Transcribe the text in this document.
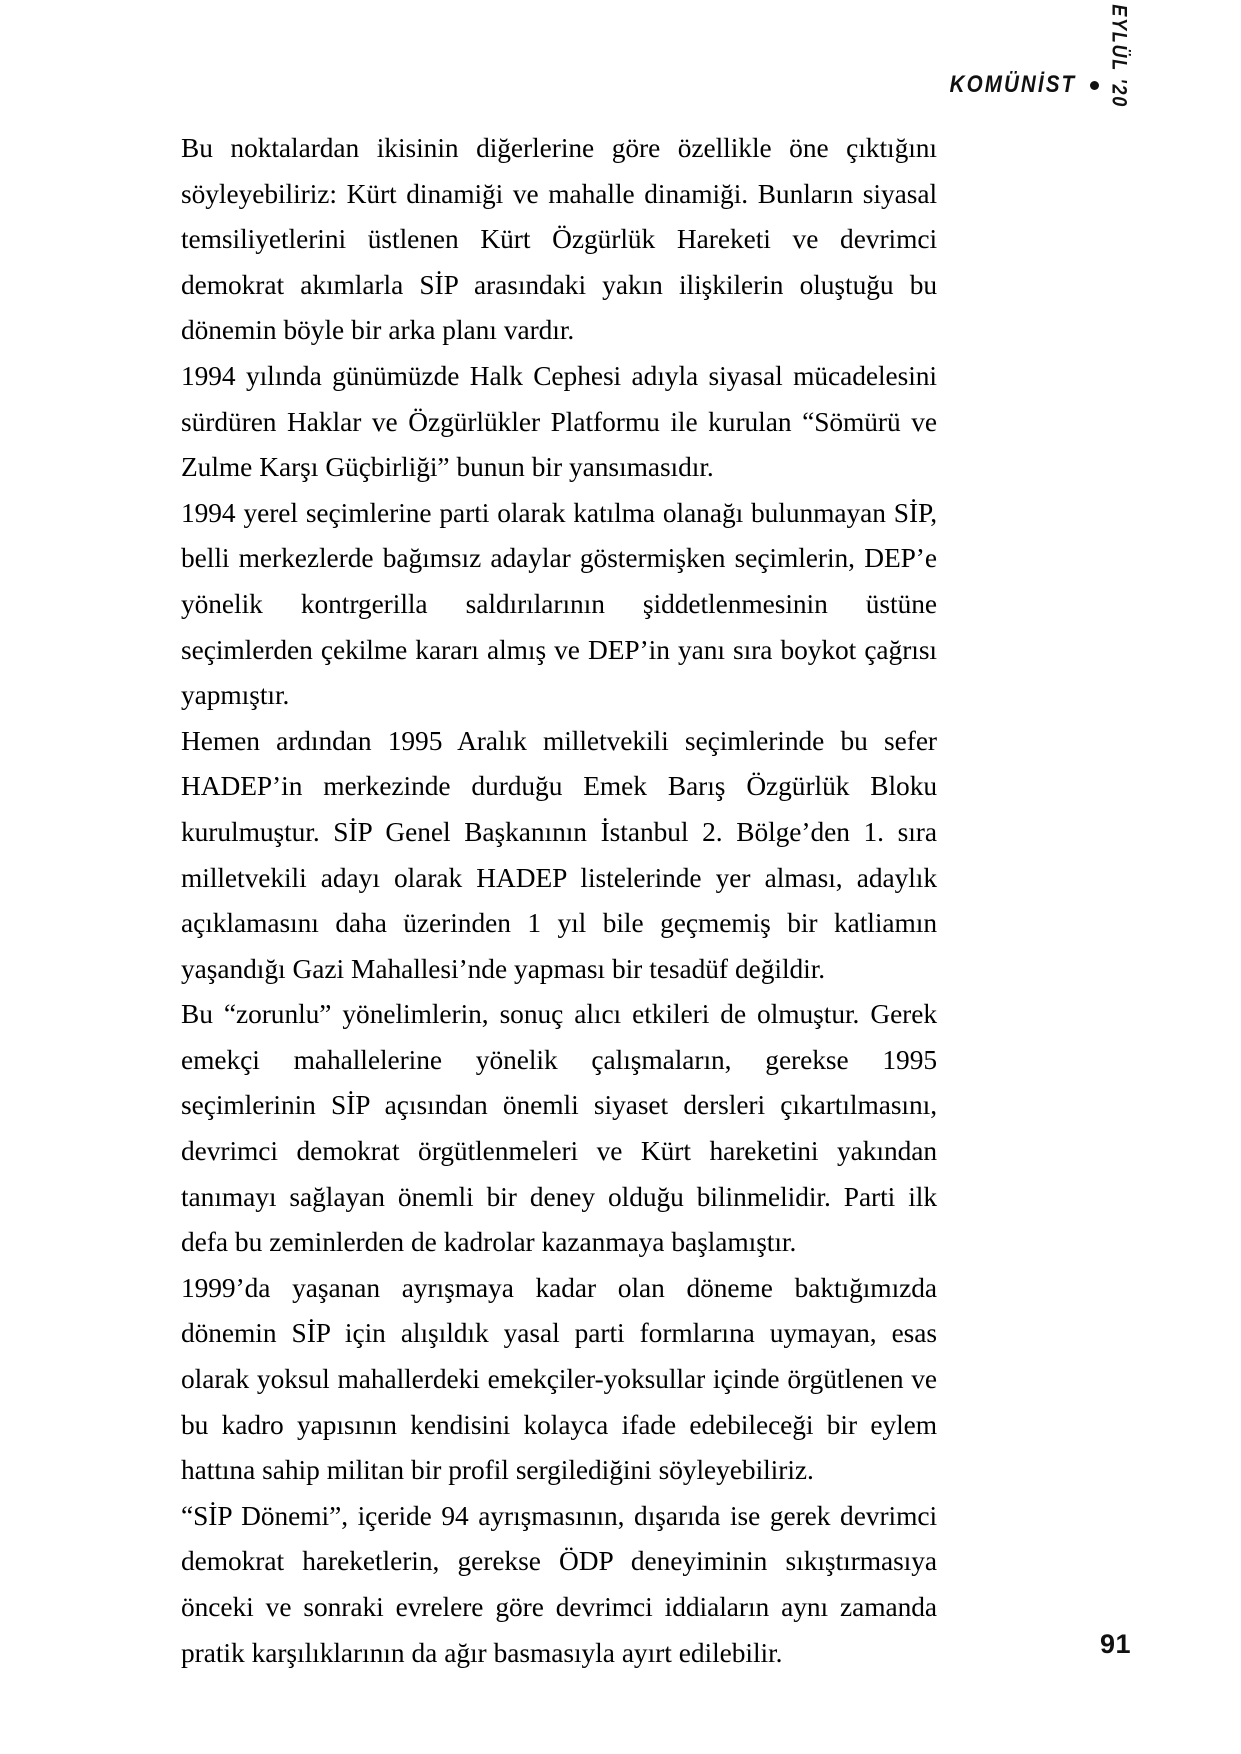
KOMÜNİST EYLÜL '20

Bu noktalardan ikisinin diğerlerine göre özellikle öne çıktığını söyleyebiliriz: Kürt dinamiği ve mahalle dinamiği. Bunların siyasal temsiliyetlerini üstlenen Kürt Özgürlük Hareketi ve devrimci demokrat akımlarla SİP arasındaki yakın ilişkilerin oluştuğu bu dönemin böyle bir arka planı vardır.

1994 yılında günümüzde Halk Cephesi adıyla siyasal mücadelesini sürdüren Haklar ve Özgürlükler Platformu ile kurulan “Sömürü ve Zulme Karşı Güçbirliği” bunun bir yansımasıdır.

1994 yerel seçimlerine parti olarak katılma olanağı bulunmayan SİP, belli merkezlerde bağımsız adaylar göstermişken seçimlerin, DEP’e yönelik kontrgerilla saldırılarının şiddetlenmesinin üstüne seçimlerden çekilme kararı almış ve DEP’in yanı sıra boykot çağrısı yapmıştır.

Hemen ardından 1995 Aralık milletvekili seçimlerinde bu sefer HADEP’in merkezinde durduğu Emek Barış Özgürlük Bloku kurulmuştur. SİP Genel Başkanının İstanbul 2. Bölge’den 1. sıra milletvekili adayı olarak HADEP listelerinde yer alması, adaylık açıklamasını daha üzerinden 1 yıl bile geçmemiş bir katliamın yaşandığı Gazi Mahallesi’nde yapması bir tesadüf değildir.

Bu “zorunlu” yönelimlerin, sonuç alıcı etkileri de olmuştur. Gerek emekçi mahallelerine yönelik çalışmaların, gerekse 1995 seçimlerinin SİP açısından önemli siyaset dersleri çıkartılmasını, devrimci demokrat örgütlenmeleri ve Kürt hareketini yakından tanımayı sağlayan önemli bir deney olduğu bilinmelidir. Parti ilk defa bu zeminlerden de kadrolar kazanmaya başlamıştır.

1999’da yaşanan ayrışmaya kadar olan döneme baktığımızda dönemin SİP için alışıldık yasal parti formlarına uymayan, esas olarak yoksul mahallerdeki emekçiler-yoksullar içinde örgütlenen ve bu kadro yapısının kendisini kolayca ifade edebileceği bir eylem hattına sahip militan bir profil sergilediğini söyleyebiliriz.

“SİP Dönemi”, içeride 94 ayrışmasının, dışarıda ise gerek devrimci demokrat hareketlerin, gerekse ÖDP deneyiminin sıkıştırmasıya önceki ve sonraki evrelere göre devrimci iddiaların aynı zamanda pratik karşılıklarının da ağır basmasıyla ayırt edilebilir.	91
